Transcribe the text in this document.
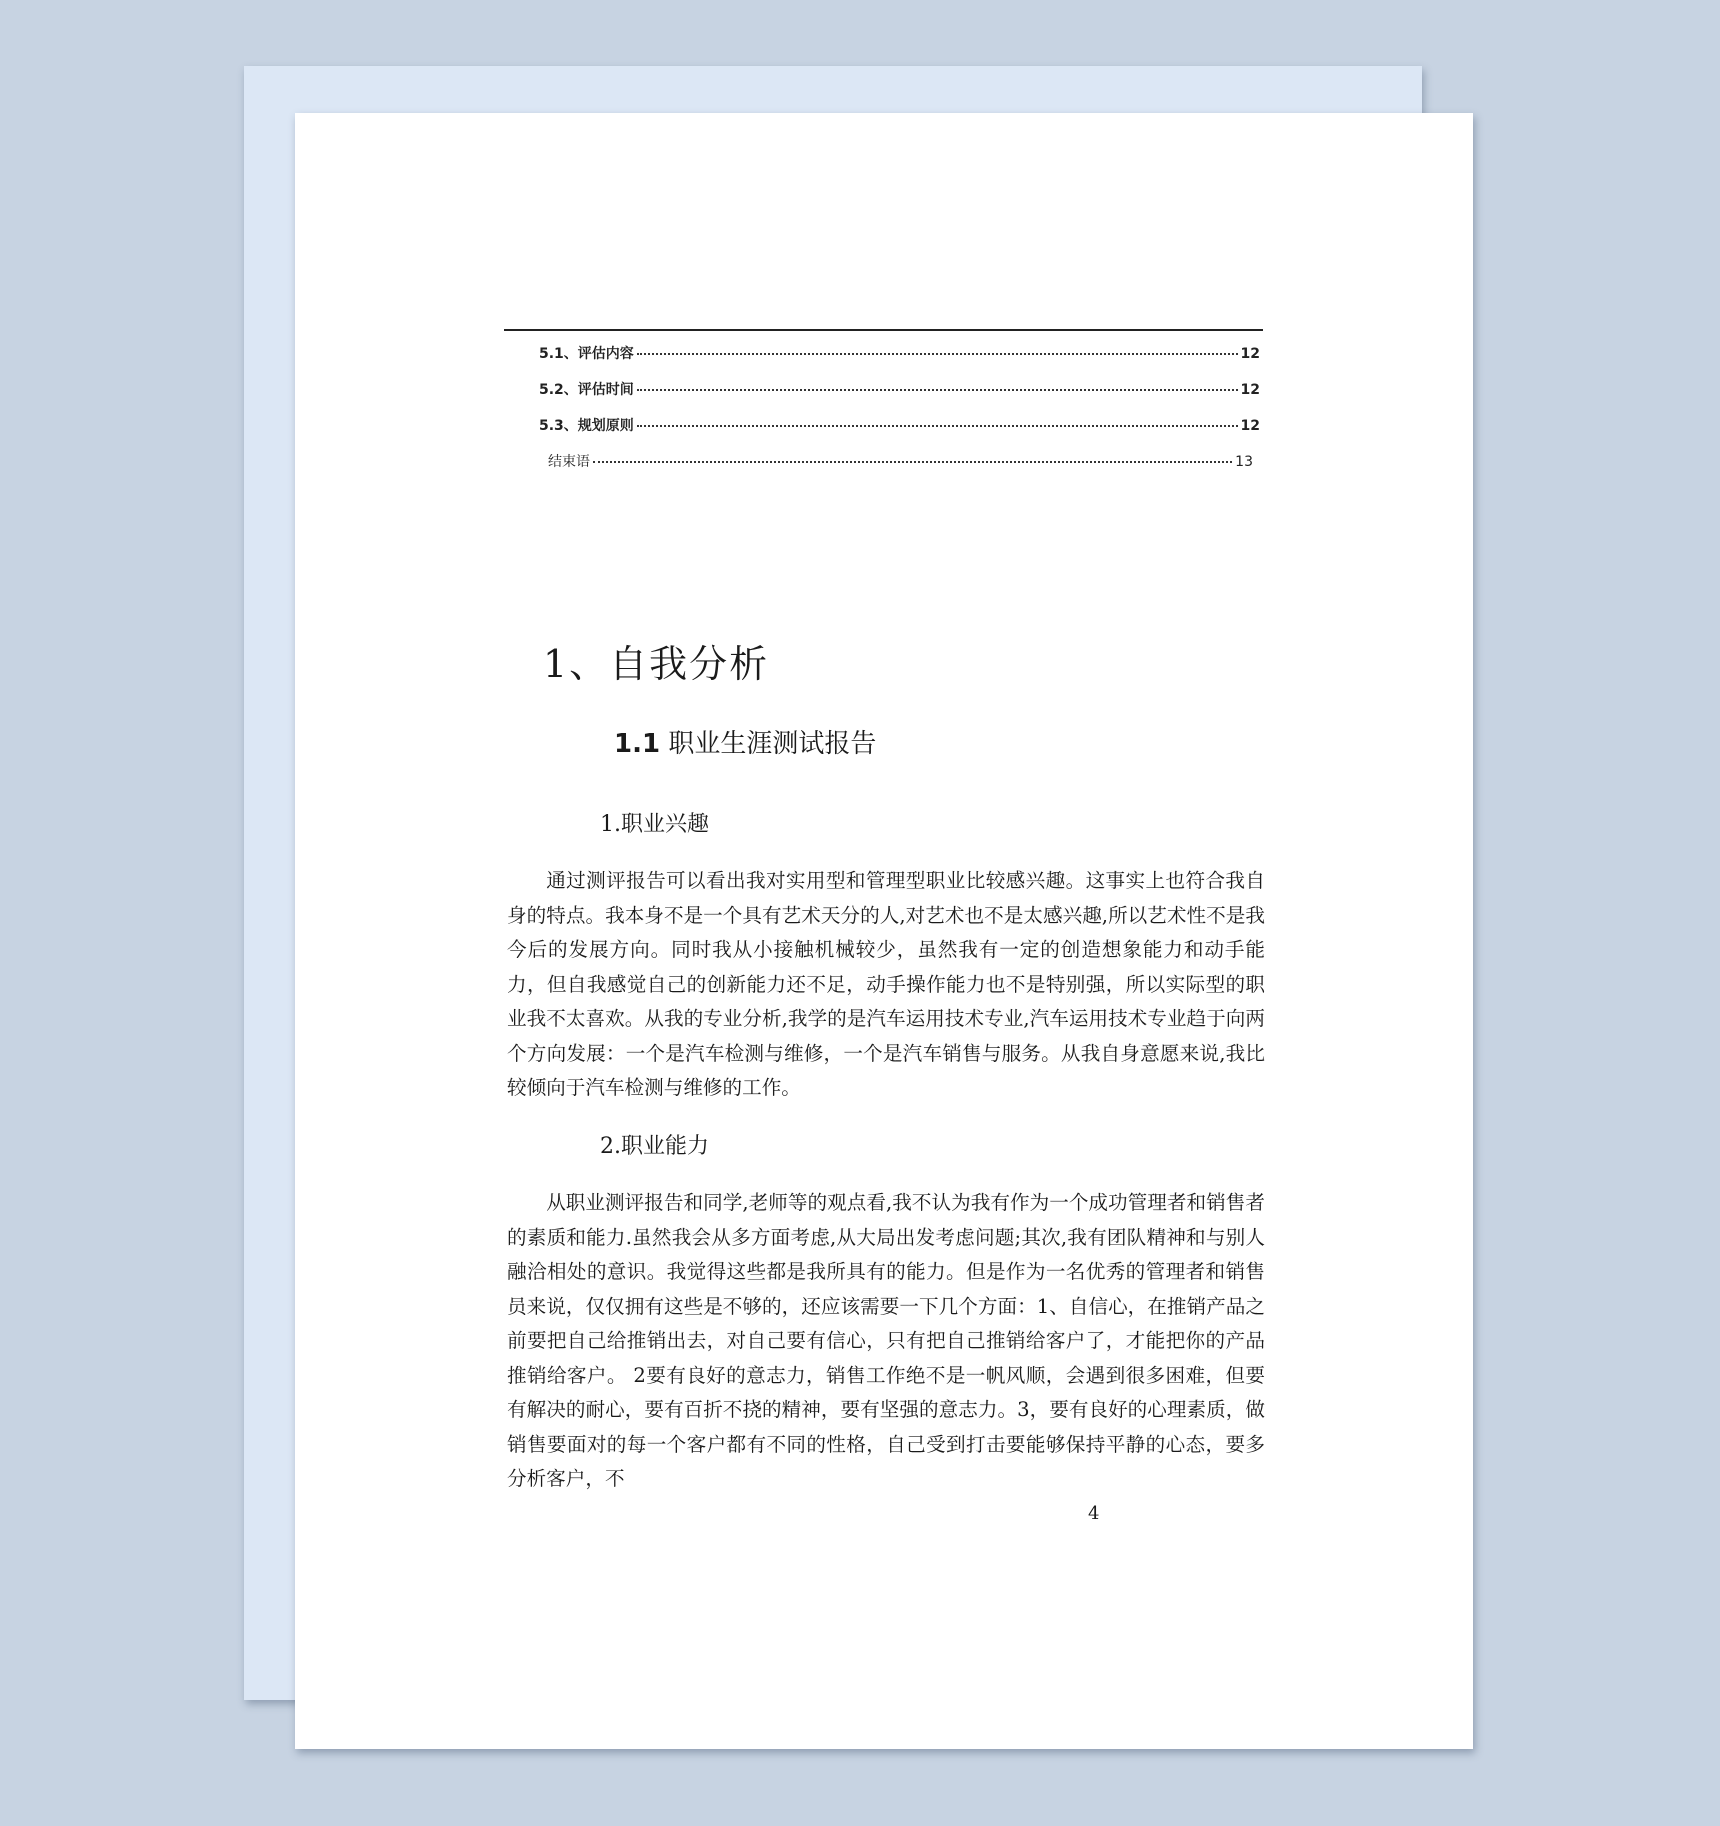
5.1、评估内容	12
5.2、评估时间	12
5.3、规划原则	12
结束语	13
1、自我分析
1.1 职业生涯测试报告
1.职业兴趣

通过测评报告可以看出我对实用型和管理型职业比较感兴趣。这事实上也符合我自身的特点。我本身不是一个具有艺术天分的人,对艺术也不是太感兴趣,所以艺术性不是我今后的发展方向。同时我从小接触机械较少，虽然我有一定的创造想象能力和动手能力，但自我感觉自己的创新能力还不足，动手操作能力也不是特别强，所以实际型的职业我不太喜欢。从我的专业分析,我学的是汽车运用技术专业,汽车运用技术专业趋于向两个方向发展：一个是汽车检测与维修，一个是汽车销售与服务。从我自身意愿来说,我比较倾向于汽车检测与维修的工作。

2.职业能力

从职业测评报告和同学,老师等的观点看,我不认为我有作为一个成功管理者和销售者的素质和能力.虽然我会从多方面考虑,从大局出发考虑问题;其次,我有团队精神和与别人融洽相处的意识。我觉得这些都是我所具有的能力。但是作为一名优秀的管理者和销售员来说，仅仅拥有这些是不够的，还应该需要一下几个方面：1、自信心，在推销产品之前要把自己给推销出去，对自己要有信心，只有把自己推销给客户了，才能把你的产品推销给客户。 2要有良好的意志力，销售工作绝不是一帆风顺，会遇到很多困难，但要有解决的耐心，要有百折不挠的精神，要有坚强的意志力。3，要有良好的心理素质，做销售要面对的每一个客户都有不同的性格，自己受到打击要能够保持平静的心态，要多分析客户，不

4
